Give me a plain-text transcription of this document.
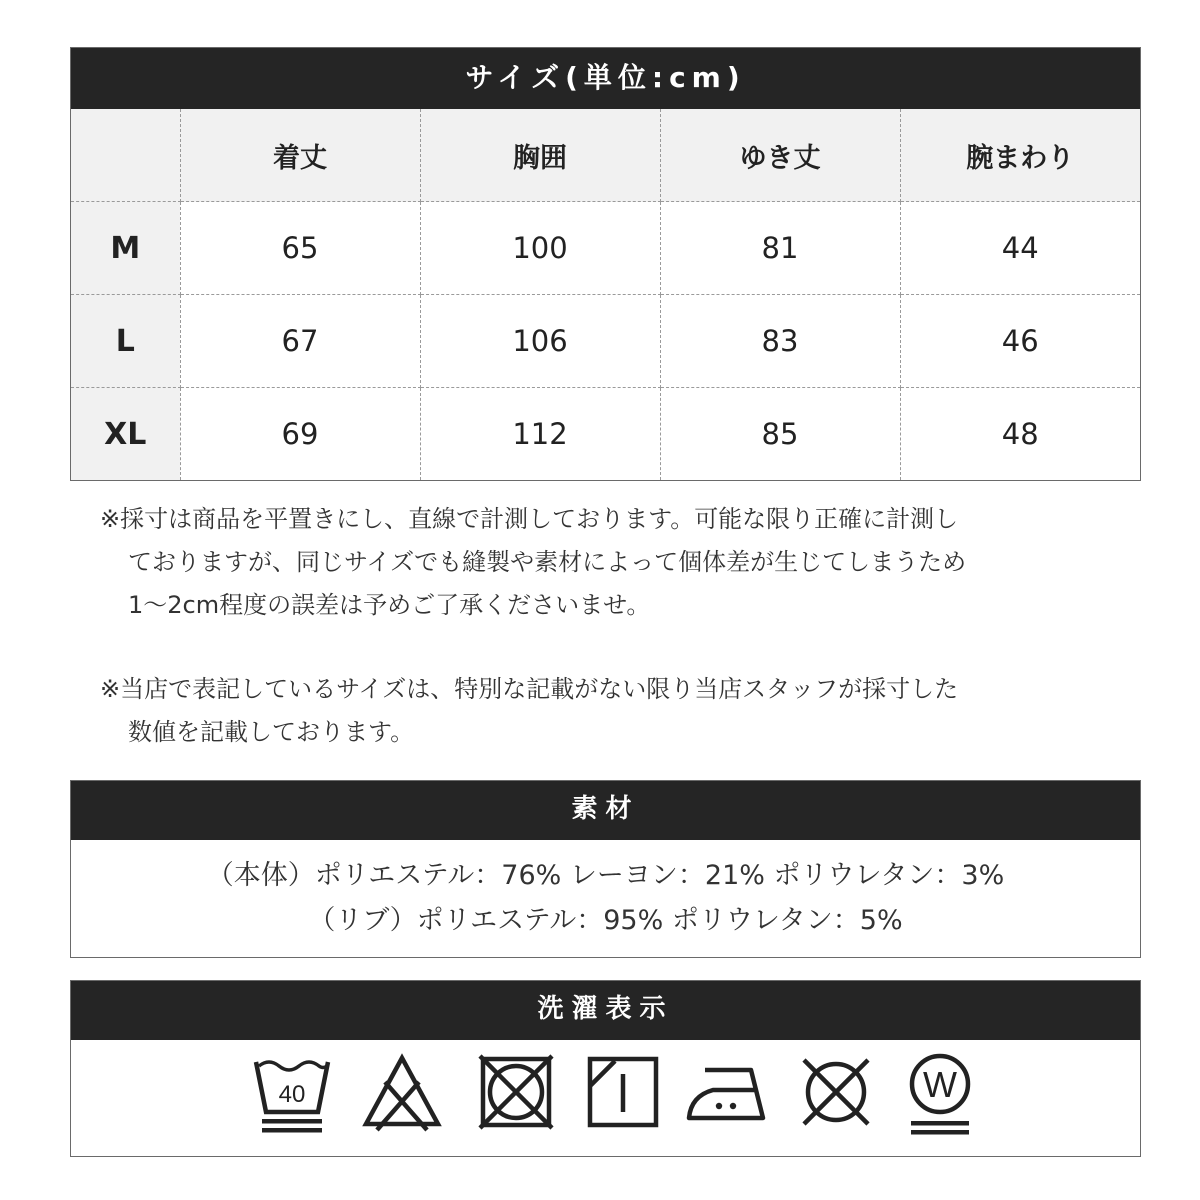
サイズ(単位:cm)
	着丈	胸囲	ゆき丈	腕まわり
M	65	100	81	44
L	67	106	83	46
XL	69	112	85	48

※採寸は商品を平置きにし、直線で計測しております。可能な限り正確に計測し
ておりますが、同じサイズでも縫製や素材によって個体差が生じてしまうため
1～2cm程度の誤差は予めご了承くださいませ。

※当店で表記しているサイズは、特別な記載がない限り当店スタッフが採寸した
数値を記載しております。

素材
（本体）ポリエステル：76% レーヨン：21% ポリウレタン：3%
（リブ）ポリエステル：95% ポリウレタン：5%
洗濯表示
40	W
